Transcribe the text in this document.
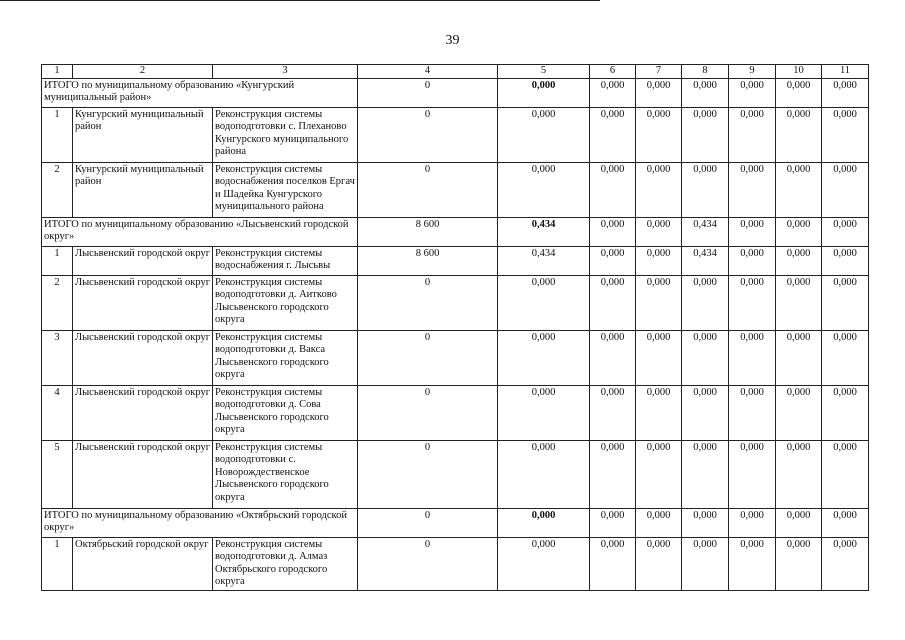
39
1	2	3	4	5	6	7	8	9	10	11
ИТОГО по муниципальному образованию «Кунгурский муниципальный район»			0	0,000	0,000	0,000	0,000	0,000	0,000	0,000
1	Кунгурский муниципальный район	Реконструкция системы водоподготовки с. Плехановo Кунгурского муниципального района	0	0,000	0,000	0,000	0,000	0,000	0,000	0,000
2	Кунгурский муниципальный район	Реконструкция системы водоснабжения поселков Ергач и Шадейка Кунгурского муниципального района	0	0,000	0,000	0,000	0,000	0,000	0,000	0,000
ИТОГО по муниципальному образованию «Лысьвенский городской округ»			8 600	0,434	0,000	0,000	0,434	0,000	0,000	0,000
1	Лысьвенский городской округ	Реконструкция системы водоснабжения г. Лысьвы	8 600	0,434	0,000	0,000	0,434	0,000	0,000	0,000
2	Лысьвенский городской округ	Реконструкция системы водоподготовки д. Аитково Лысьвенского городского округа	0	0,000	0,000	0,000	0,000	0,000	0,000	0,000
3	Лысьвенский городской округ	Реконструкция системы водоподготовки д. Вакса Лысьвенского городского округа	0	0,000	0,000	0,000	0,000	0,000	0,000	0,000
4	Лысьвенский городской округ	Реконструкция системы водоподготовки д. Сова Лысьвенского городского округа	0	0,000	0,000	0,000	0,000	0,000	0,000	0,000
5	Лысьвенский городской округ	Реконструкция системы водоподготовки с. Новорождественское Лысьвенского городского округа	0	0,000	0,000	0,000	0,000	0,000	0,000	0,000
ИТОГО по муниципальному образованию «Октябрьский городской округ»			0	0,000	0,000	0,000	0,000	0,000	0,000	0,000
1	Октябрьский городской округ	Реконструкция системы водоподготовки д. Алмаз Октябрьского городского округа	0	0,000	0,000	0,000	0,000	0,000	0,000	0,000
